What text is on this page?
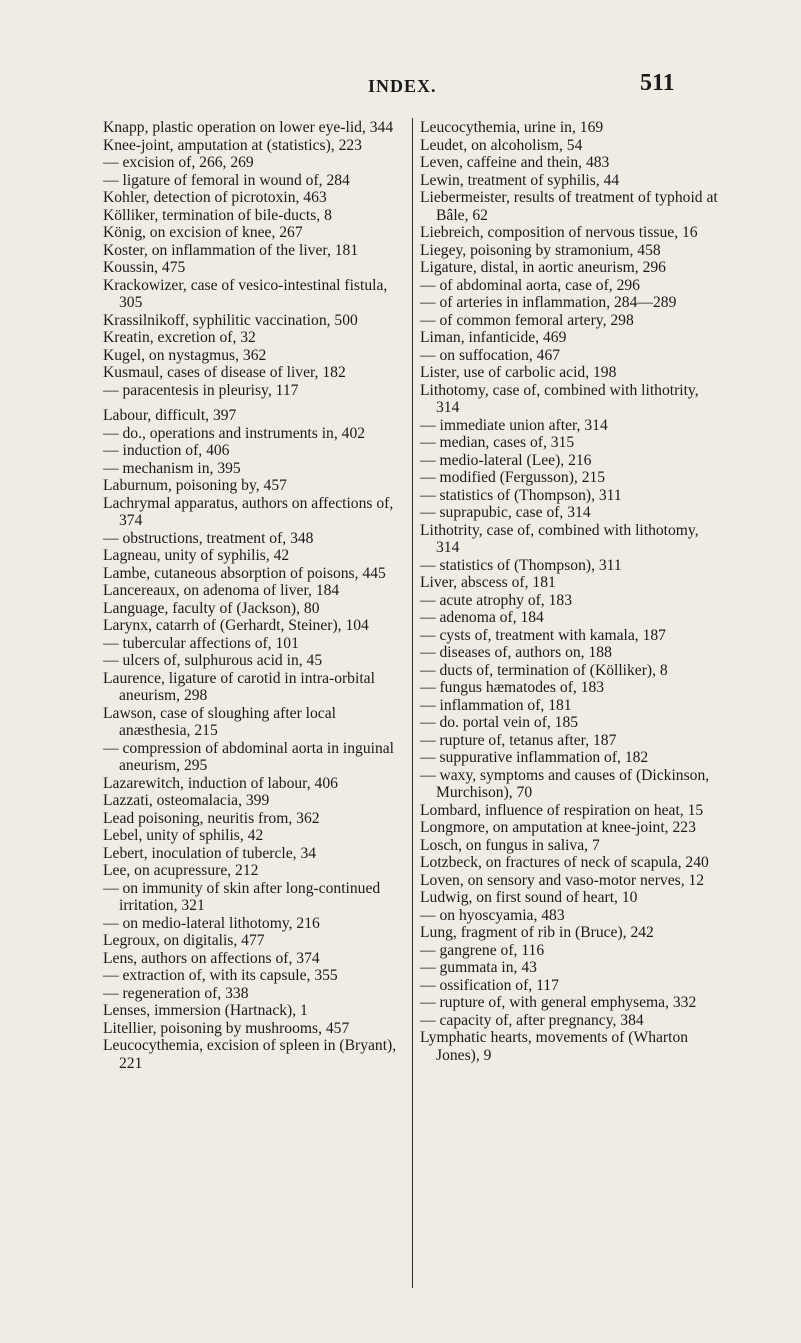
INDEX.	511

Knapp, plastic operation on lower eye-lid, 344

Knee-joint, amputation at (statistics), 223

— excision of, 266, 269

— ligature of femoral in wound of, 284

Kohler, detection of picrotoxin, 463

Kölliker, termination of bile-ducts, 8

König, on excision of knee, 267

Koster, on inflammation of the liver, 181

Koussin, 475

Krackowizer, case of vesico-intestinal fistula, 305

Krassilnikoff, syphilitic vaccination, 500

Kreatin, excretion of, 32

Kugel, on nystagmus, 362

Kusmaul, cases of disease of liver, 182

— paracentesis in pleurisy, 117

Labour, difficult, 397

— do., operations and instruments in, 402

— induction of, 406

— mechanism in, 395

Laburnum, poisoning by, 457

Lachrymal apparatus, authors on affections of, 374

— obstructions, treatment of, 348

Lagneau, unity of syphilis, 42

Lambe, cutaneous absorption of poisons, 445

Lancereaux, on adenoma of liver, 184

Language, faculty of (Jackson), 80

Larynx, catarrh of (Gerhardt, Steiner), 104

— tubercular affections of, 101

— ulcers of, sulphurous acid in, 45

Laurence, ligature of carotid in intra-orbital aneurism, 298

Lawson, case of sloughing after local anæsthesia, 215

— compression of abdominal aorta in inguinal aneurism, 295

Lazarewitch, induction of labour, 406

Lazzati, osteomalacia, 399

Lead poisoning, neuritis from, 362

Lebel, unity of sphilis, 42

Lebert, inoculation of tubercle, 34

Lee, on acupressure, 212

— on immunity of skin after long-continued irritation, 321

— on medio-lateral lithotomy, 216

Legroux, on digitalis, 477

Lens, authors on affections of, 374

— extraction of, with its capsule, 355

— regeneration of, 338

Lenses, immersion (Hartnack), 1

Litellier, poisoning by mushrooms, 457

Leucocythemia, excision of spleen in (Bryant), 221

Leucocythemia, urine in, 169

Leudet, on alcoholism, 54

Leven, caffeine and thein, 483

Lewin, treatment of syphilis, 44

Liebermeister, results of treatment of typhoid at Bâle, 62

Liebreich, composition of nervous tissue, 16

Liegey, poisoning by stramonium, 458

Ligature, distal, in aortic aneurism, 296

— of abdominal aorta, case of, 296

— of arteries in inflammation, 284—289

— of common femoral artery, 298

Liman, infanticide, 469

— on suffocation, 467

Lister, use of carbolic acid, 198

Lithotomy, case of, combined with lithotrity, 314

— immediate union after, 314

— median, cases of, 315

— medio-lateral (Lee), 216

— modified (Fergusson), 215

— statistics of (Thompson), 311

— suprapubic, case of, 314

Lithotrity, case of, combined with lithotomy, 314

— statistics of (Thompson), 311

Liver, abscess of, 181

— acute atrophy of, 183

— adenoma of, 184

— cysts of, treatment with kamala, 187

— diseases of, authors on, 188

— ducts of, termination of (Kölliker), 8

— fungus hæmatodes of, 183

— inflammation of, 181

— do. portal vein of, 185

— rupture of, tetanus after, 187

— suppurative inflammation of, 182

— waxy, symptoms and causes of (Dickinson, Murchison), 70

Lombard, influence of respiration on heat, 15

Longmore, on amputation at knee-joint, 223

Losch, on fungus in saliva, 7

Lotzbeck, on fractures of neck of scapula, 240

Loven, on sensory and vaso-motor nerves, 12

Ludwig, on first sound of heart, 10

— on hyoscyamia, 483

Lung, fragment of rib in (Bruce), 242

— gangrene of, 116

— gummata in, 43

— ossification of, 117

— rupture of, with general emphysema, 332

— capacity of, after pregnancy, 384

Lymphatic hearts, movements of (Wharton Jones), 9
